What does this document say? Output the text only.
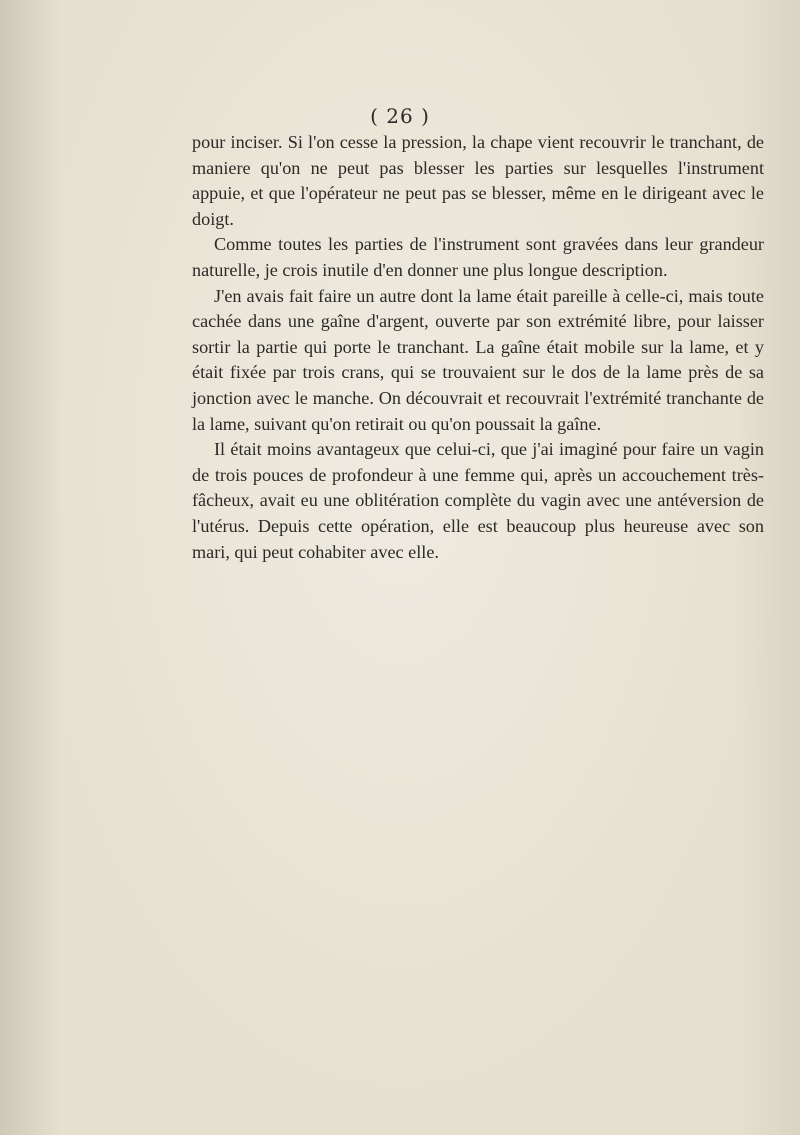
( 26 )

pour inciser. Si l'on cesse la pression, la chape vient recouvrir le tranchant, de maniere qu'on ne peut pas blesser les parties sur lesquelles l'instrument appuie, et que l'opérateur ne peut pas se blesser, même en le dirigeant avec le doigt.

Comme toutes les parties de l'instrument sont gravées dans leur grandeur naturelle, je crois inutile d'en donner une plus longue description.

J'en avais fait faire un autre dont la lame était pareille à celle-ci, mais toute cachée dans une gaîne d'argent, ouverte par son extrémité libre, pour laisser sortir la partie qui porte le tranchant. La gaîne était mobile sur la lame, et y était fixée par trois crans, qui se trouvaient sur le dos de la lame près de sa jonction avec le manche. On découvrait et recouvrait l'extrémité tranchante de la lame, suivant qu'on retirait ou qu'on poussait la gaîne.

Il était moins avantageux que celui-ci, que j'ai imaginé pour faire un vagin de trois pouces de profondeur à une femme qui, après un accouchement très-fâcheux, avait eu une oblitération complète du vagin avec une antéversion de l'utérus. Depuis cette opération, elle est beaucoup plus heureuse avec son mari, qui peut cohabiter avec elle.
